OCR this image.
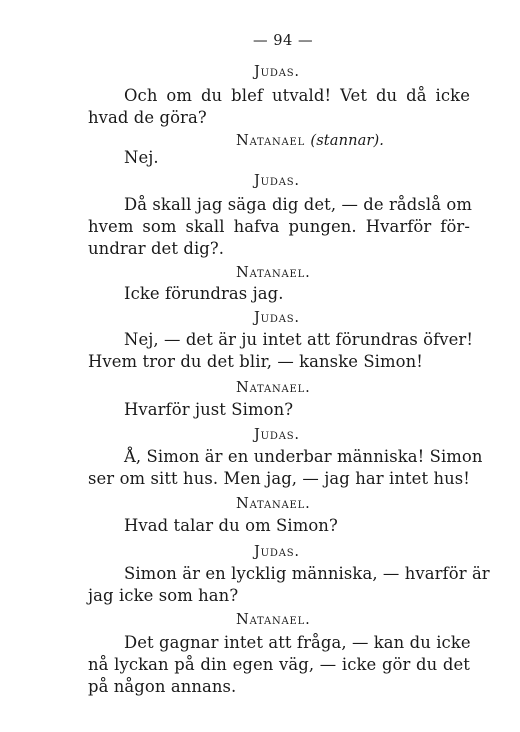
— 94 —
Judas.
Och om du blef utvald! Vet du då icke
hvad de göra?
Natanael (stannar).
Nej.
Judas.
Då skall jag säga dig det, — de rådslå om
hvem som skall hafva pungen. Hvarför för-
undrar det dig?.
Natanael.
Icke förundras jag.
Judas.
Nej, — det är ju intet att förundras öfver!
Hvem tror du det blir, — kanske Simon!
Natanael.
Hvarför just Simon?
Judas.
Å, Simon är en underbar människa! Simon
ser om sitt hus. Men jag, — jag har intet hus!
Natanael.
Hvad talar du om Simon?
Judas.
Simon är en lycklig människa, — hvarför är
jag icke som han?
Natanael.
Det gagnar intet att fråga, — kan du icke
nå lyckan på din egen väg, — icke gör du det
på någon annans.
